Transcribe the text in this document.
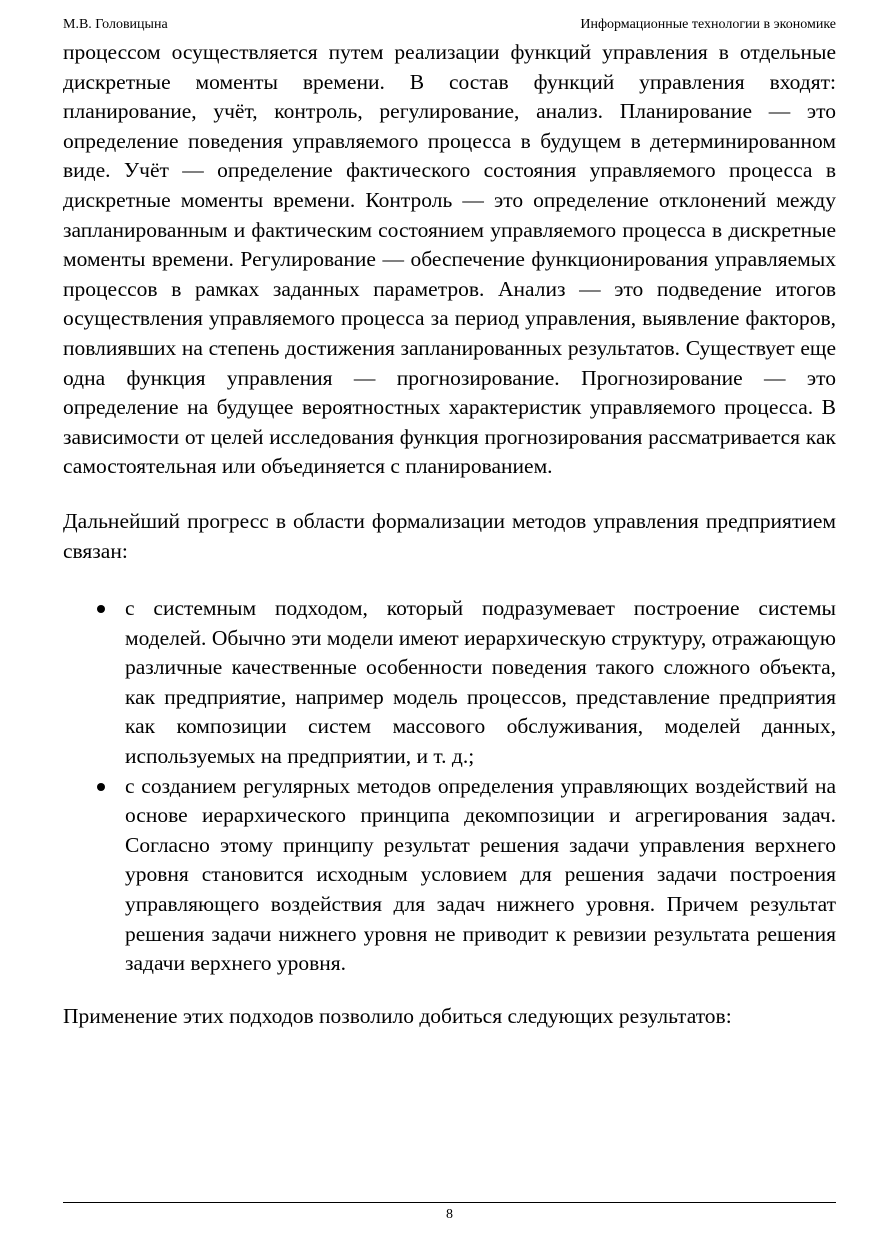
М.В. Головицына	Информационные технологии в экономике

процессом осуществляется путем реализации функций управления в отдельные дискретные моменты времени. В состав функций управления входят: планирование, учёт, контроль, регулирование, анализ. Планирование — это определение поведения управляемого процесса в будущем в детерминированном виде. Учёт — определение фактического состояния управляемого процесса в дискретные моменты времени. Контроль — это определение отклонений между запланированным и фактическим состоянием управляемого процесса в дискретные моменты времени. Регулирование — обеспечение функционирования управляемых процессов в рамках заданных параметров. Анализ — это подведение итогов осуществления управляемого процесса за период управления, выявление факторов, повлиявших на степень достижения запланированных результатов. Существует еще одна функция управления — прогнозирование. Прогнозирование — это определение на будущее вероятностных характеристик управляемого процесса. В зависимости от целей исследования функция прогнозирования рассматривается как самостоятельная или объединяется с планированием.

Дальнейший прогресс в области формализации методов управления предприятием связан:

с системным подходом, который подразумевает построение системы моделей. Обычно эти модели имеют иерархическую структуру, отражающую различные качественные особенности поведения такого сложного объекта, как предприятие, например модель процессов, представление предприятия как композиции систем массового обслуживания, моделей данных, используемых на предприятии, и т. д.;
с созданием регулярных методов определения управляющих воздействий на основе иерархического принципа декомпозиции и агрегирования задач. Согласно этому принципу результат решения задачи управления верхнего уровня становится исходным условием для решения задачи построения управляющего воздействия для задач нижнего уровня. Причем результат решения задачи нижнего уровня не приводит к ревизии результата решения задачи верхнего уровня.

Применение этих подходов позволило добиться следующих результатов:

8
